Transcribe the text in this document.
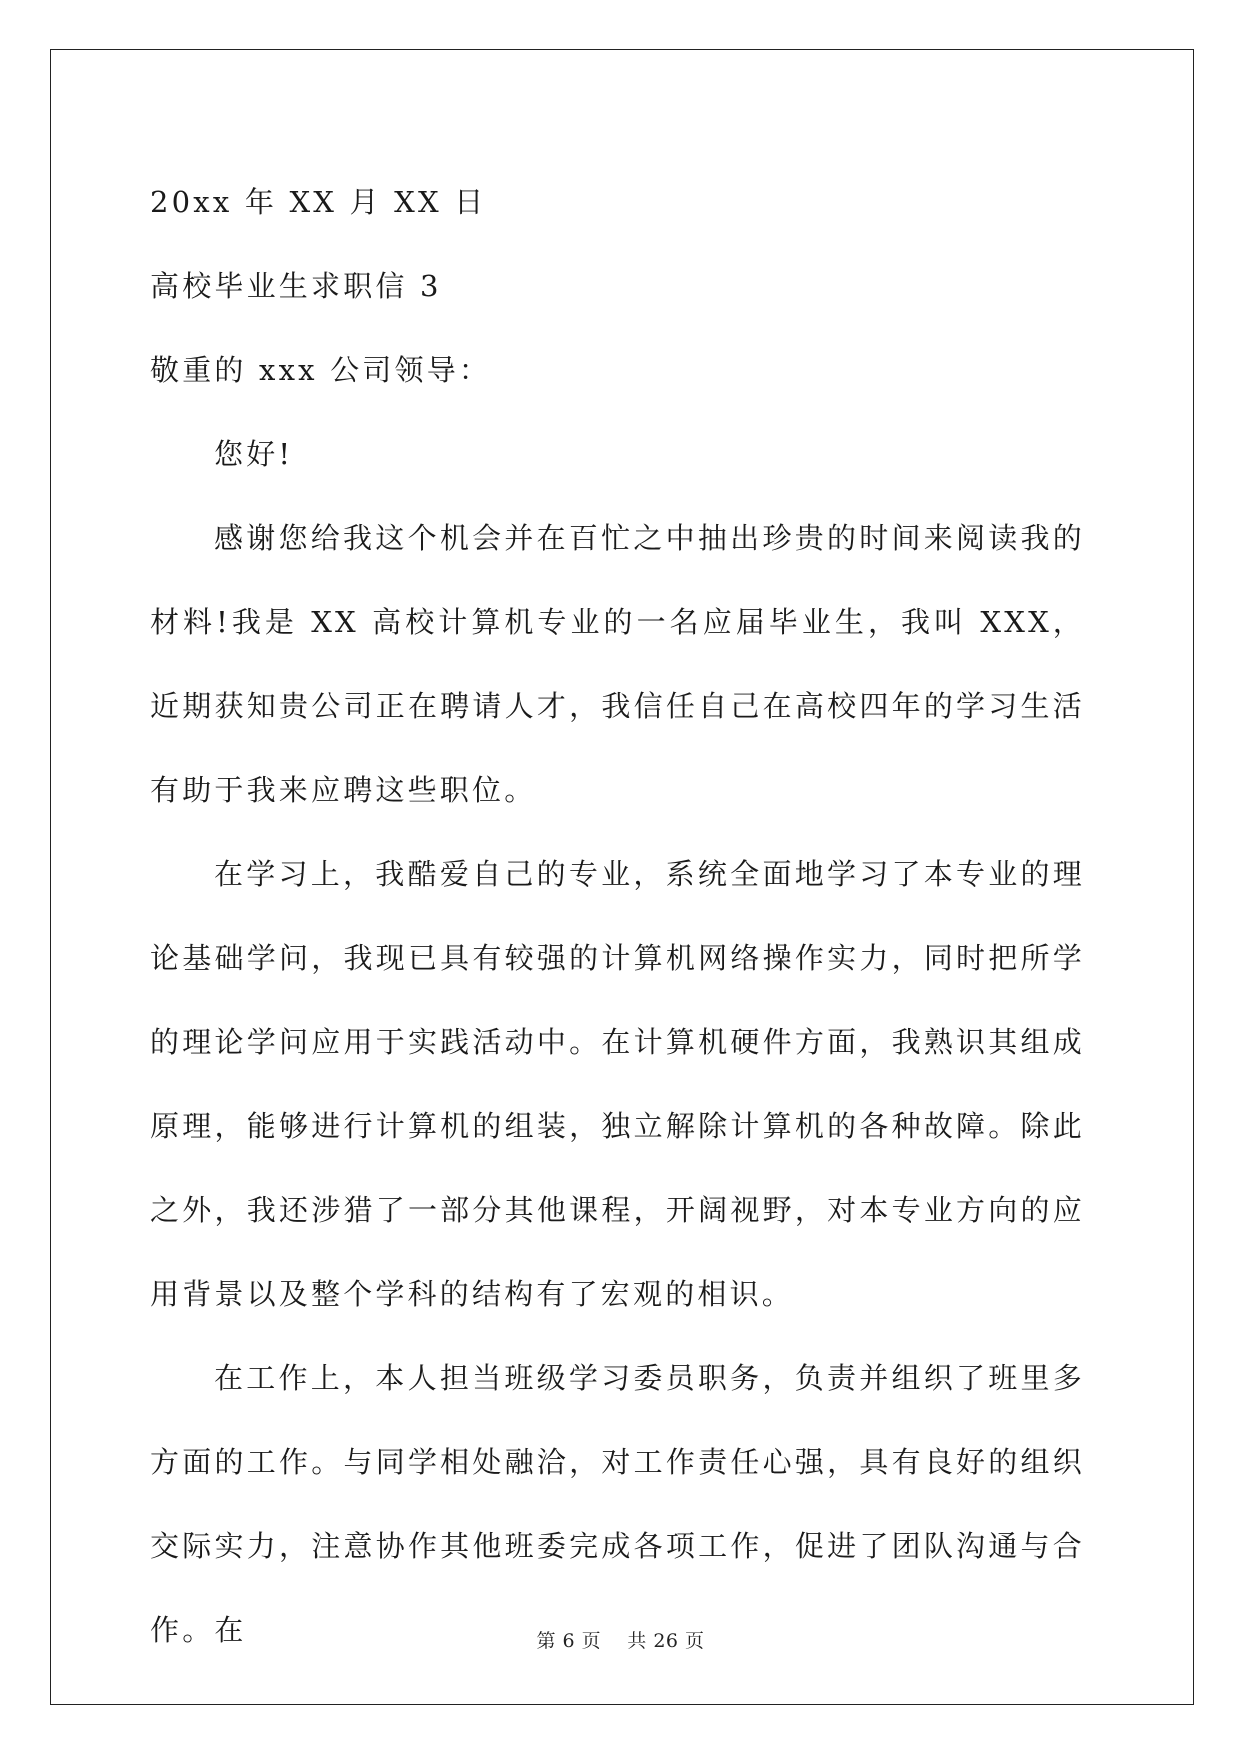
20xx 年 XX 月 XX 日

高校毕业生求职信 3

敬重的 xxx 公司领导：

您好!

感谢您给我这个机会并在百忙之中抽出珍贵的时间来阅读我的材料!我是 XX 高校计算机专业的一名应届毕业生，我叫 XXX，近期获知贵公司正在聘请人才，我信任自己在高校四年的学习生活有助于我来应聘这些职位。

在学习上，我酷爱自己的专业，系统全面地学习了本专业的理论基础学问，我现已具有较强的计算机网络操作实力，同时把所学的理论学问应用于实践活动中。在计算机硬件方面，我熟识其组成原理，能够进行计算机的组装，独立解除计算机的各种故障。除此之外，我还涉猎了一部分其他课程，开阔视野，对本专业方向的应用背景以及整个学科的结构有了宏观的相识。

在工作上，本人担当班级学习委员职务，负责并组织了班里多方面的工作。与同学相处融洽，对工作责任心强，具有良好的组织交际实力，注意协作其他班委完成各项工作，促进了团队沟通与合作。在	第 6 页    共 26 页
